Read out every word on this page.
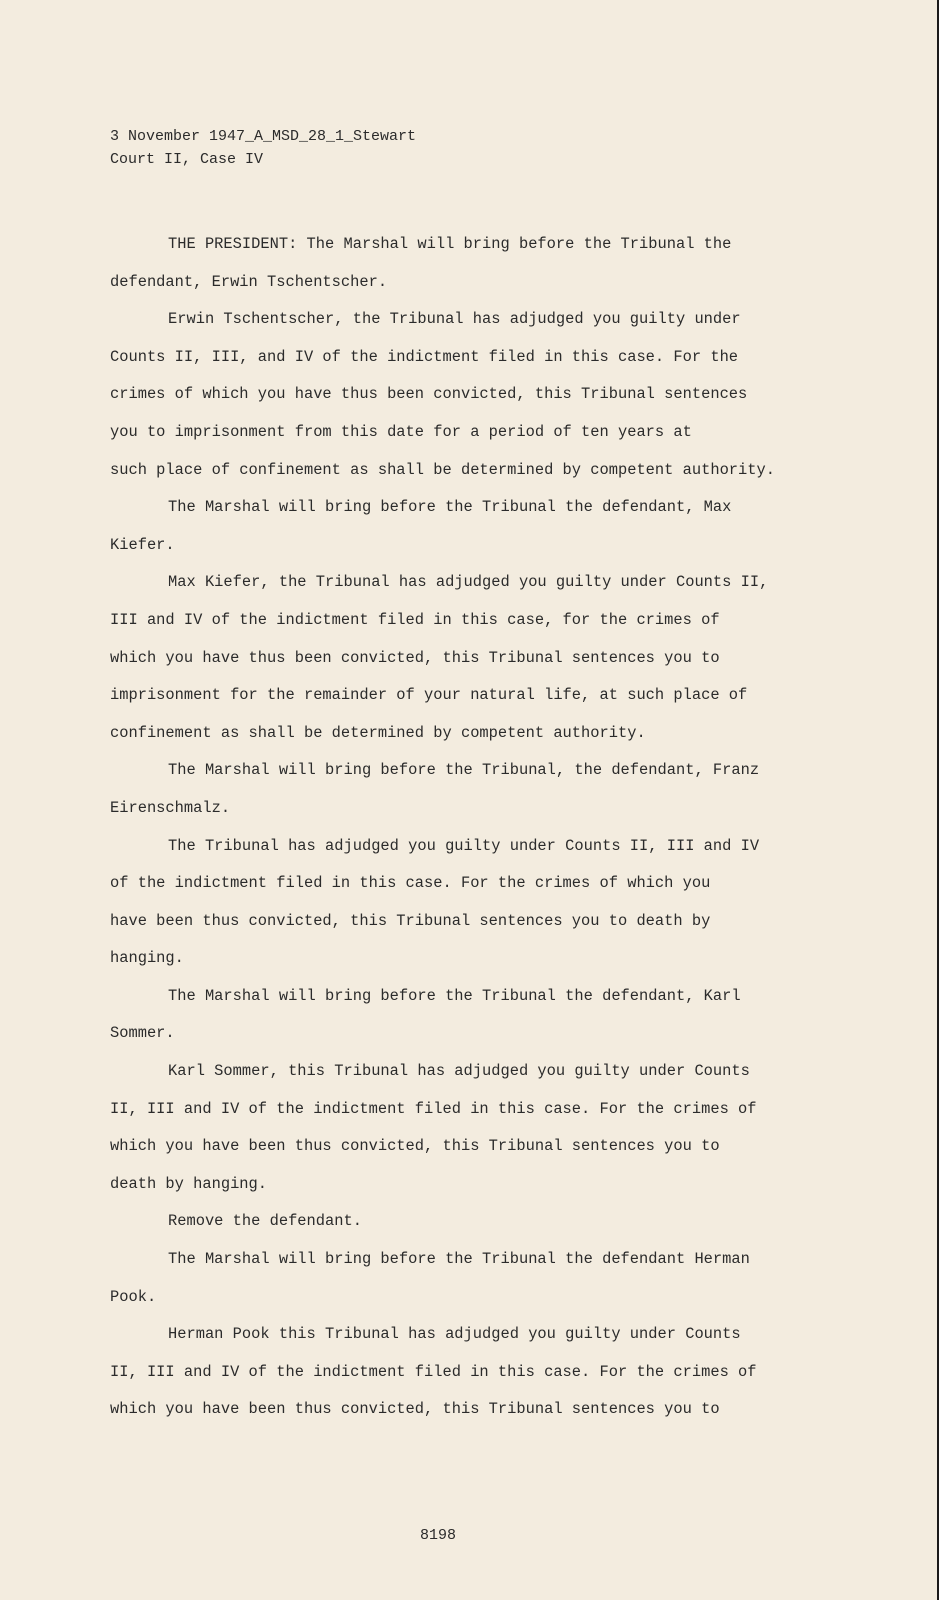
3 November 1947_A_MSD_28_1_Stewart
Court II, Case IV

THE PRESIDENT: The Marshal will bring before the Tribunal the
defendant, Erwin Tschentscher.

Erwin Tschentscher, the Tribunal has adjudged you guilty under
Counts II, III, and IV of the indictment filed in this case. For the
crimes of which you have thus been convicted, this Tribunal sentences
you to imprisonment from this date for a period of ten years at
such place of confinement as shall be determined by competent authority.

The Marshal will bring before the Tribunal the defendant, Max
Kiefer.

Max Kiefer, the Tribunal has adjudged you guilty under Counts II,
III and IV of the indictment filed in this case, for the crimes of
which you have thus been convicted, this Tribunal sentences you to
imprisonment for the remainder of your natural life, at such place of
confinement as shall be determined by competent authority.

The Marshal will bring before the Tribunal, the defendant, Franz
Eirenschmalz.

The Tribunal has adjudged you guilty under Counts II, III and IV
of the indictment filed in this case. For the crimes of which you
have been thus convicted, this Tribunal sentences you to death by
hanging.

The Marshal will bring before the Tribunal the defendant, Karl
Sommer.

Karl Sommer, this Tribunal has adjudged you guilty under Counts
II, III and IV of the indictment filed in this case. For the crimes of
which you have been thus convicted, this Tribunal sentences you to
death by hanging.

Remove the defendant.

The Marshal will bring before the Tribunal the defendant Herman
Pook.

Herman Pook this Tribunal has adjudged you guilty under Counts
II, III and IV of the indictment filed in this case. For the crimes of
which you have been thus convicted, this Tribunal sentences you to

8198
